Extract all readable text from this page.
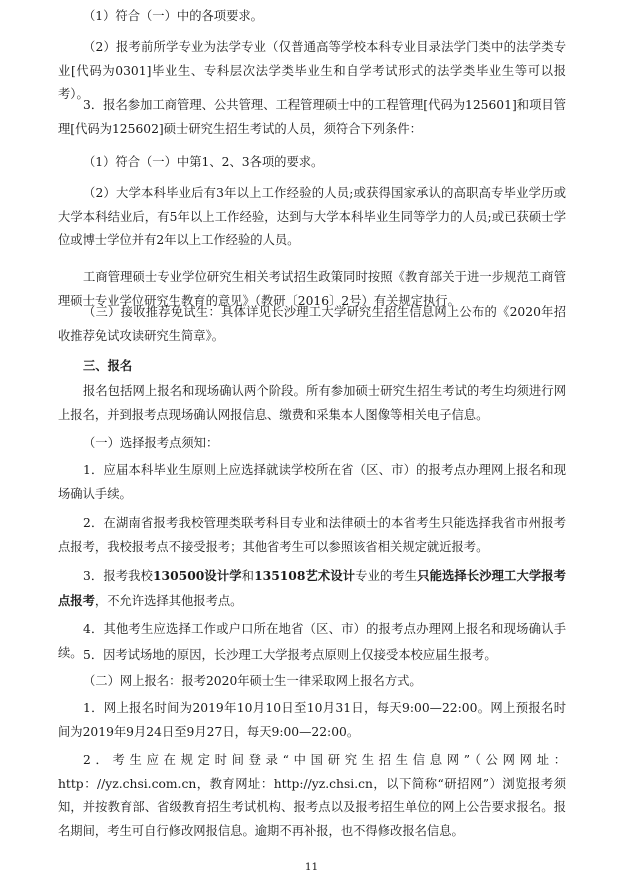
（1）符合（一）中的各项要求。

（2）报考前所学专业为法学专业（仅普通高等学校本科专业目录法学门类中的法学类专业[代码为0301]毕业生、专科层次法学类毕业生和自学考试形式的法学类毕业生等可以报考）。

3．报名参加工商管理、公共管理、工程管理硕士中的工程管理[代码为125601]和项目管理[代码为125602]硕士研究生招生考试的人员，须符合下列条件：

（1）符合（一）中第1、2、3各项的要求。

（2）大学本科毕业后有3年以上工作经验的人员;或获得国家承认的高职高专毕业学历或大学本科结业后，有5年以上工作经验，达到与大学本科毕业生同等学力的人员;或已获硕士学位或博士学位并有2年以上工作经验的人员。

工商管理硕士专业学位研究生相关考试招生政策同时按照《教育部关于进一步规范工商管理硕士专业学位研究生教育的意见》（教研〔2016〕2号）有关规定执行。

（三）接收推荐免试生：具体详见长沙理工大学研究生招生信息网上公布的《2020年招收推荐免试攻读研究生简章》。

三、报名

报名包括网上报名和现场确认两个阶段。所有参加硕士研究生招生考试的考生均须进行网上报名，并到报考点现场确认网报信息、缴费和采集本人图像等相关电子信息。

（一）选择报考点须知：

1．应届本科毕业生原则上应选择就读学校所在省（区、市）的报考点办理网上报名和现场确认手续。

2．在湖南省报考我校管理类联考科目专业和法律硕士的本省考生只能选择我省市州报考点报考，我校报考点不接受报考；其他省考生可以参照该省相关规定就近报考。

3．报考我校130500设计学和135108艺术设计专业的考生只能选择长沙理工大学报考点报考，不允许选择其他报考点。

4．其他考生应选择工作或户口所在地省（区、市）的报考点办理网上报名和现场确认手续。 5．因考试场地的原因，长沙理工大学报考点原则上仅接受本校应届生报考。

（二）网上报名：报考2020年硕士生一律采取网上报名方式。

1．网上报名时间为2019年10月10日至10月31日，每天9:00—22:00。网上预报名时间为2019年9月24日至9月27日，每天9:00—22:00。

2．考生应在规定时间登录“中国研究生招生信息网”（公网网址：http：//yz.chsi.com.cn，教育网址：http://yz.chsi.cn，以下简称“研招网”）浏览报考须知，并按教育部、省级教育招生考试机构、报考点以及报考招生单位的网上公告要求报名。报名期间，考生可自行修改网报信息。逾期不再补报，也不得修改报名信息。

11
